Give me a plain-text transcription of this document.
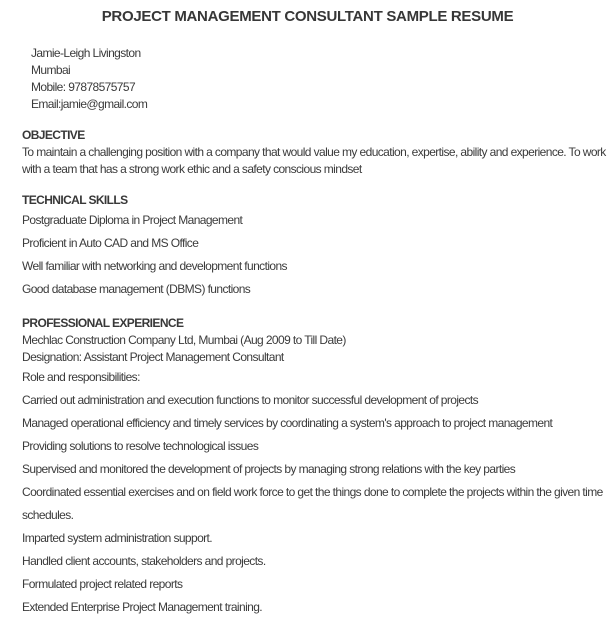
PROJECT MANAGEMENT CONSULTANT SAMPLE RESUME
Jamie-Leigh Livingston
Mumbai
Mobile: 97878575757
Email:jamie@gmail.com
OBJECTIVE

To maintain a challenging position with a company that would value my education, expertise, ability and experience. To work with a team that has a strong work ethic and a safety conscious mindset

TECHNICAL SKILLS
Postgraduate Diploma in Project Management
Proficient in Auto CAD and MS Office
Well familiar with networking and development functions
Good database management (DBMS) functions
PROFESSIONAL EXPERIENCE
Mechlac Construction Company Ltd, Mumbai (Aug 2009 to Till Date)
Designation: Assistant Project Management Consultant
Role and responsibilities:
Carried out administration and execution functions to monitor successful development of projects
Managed operational efficiency and timely services by coordinating a system's approach to project management
Providing solutions to resolve technological issues
Supervised and monitored the development of projects by managing strong relations with the key parties
Coordinated essential exercises and on field work force to get the things done to complete the projects within the given time schedules.
Imparted system administration support.
Handled client accounts, stakeholders and projects.
Formulated project related reports
Extended Enterprise Project Management training.
